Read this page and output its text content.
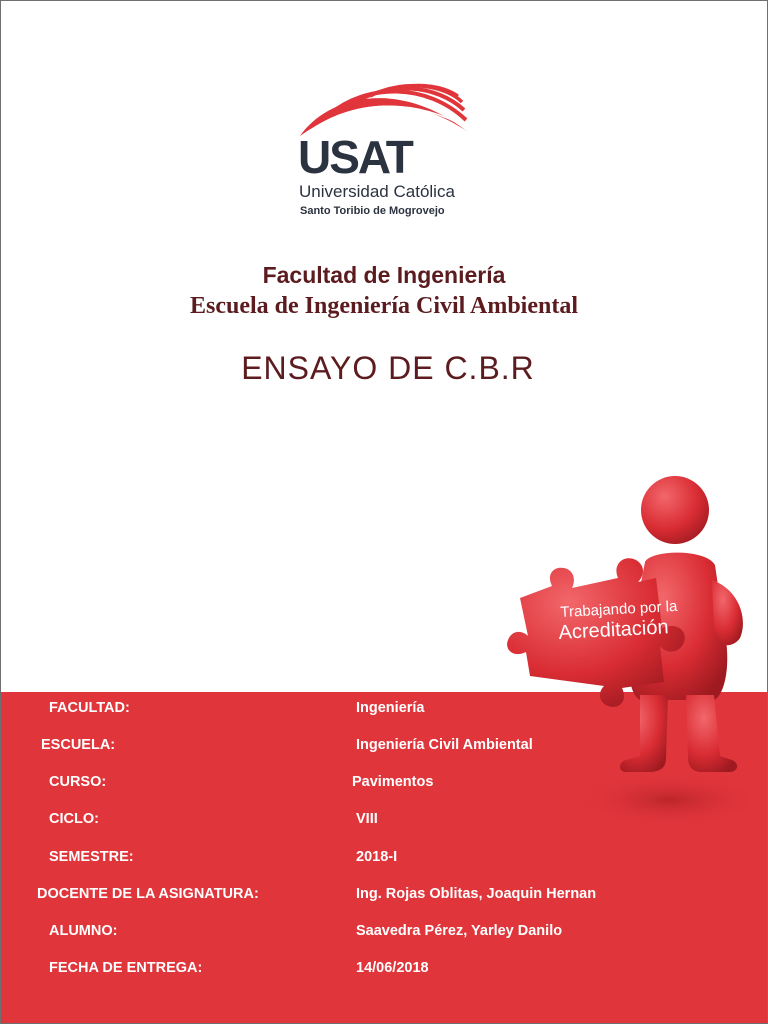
USAT
Universidad Católica
Santo Toribio de Mogrovejo
Facultad de Ingeniería
Escuela de Ingeniería Civil Ambiental
ENSAYO DE C.B.R
FACULTAD:	Ingeniería
ESCUELA:	Ingeniería Civil Ambiental
CURSO:	Pavimentos
CICLO:	VIII
SEMESTRE:	2018-I
DOCENTE DE LA ASIGNATURA:	Ing. Rojas Oblitas, Joaquin Hernan
ALUMNO:	Saavedra Pérez, Yarley Danilo
FECHA DE ENTREGA:	14/06/2018
Trabajando por la
Acreditación
